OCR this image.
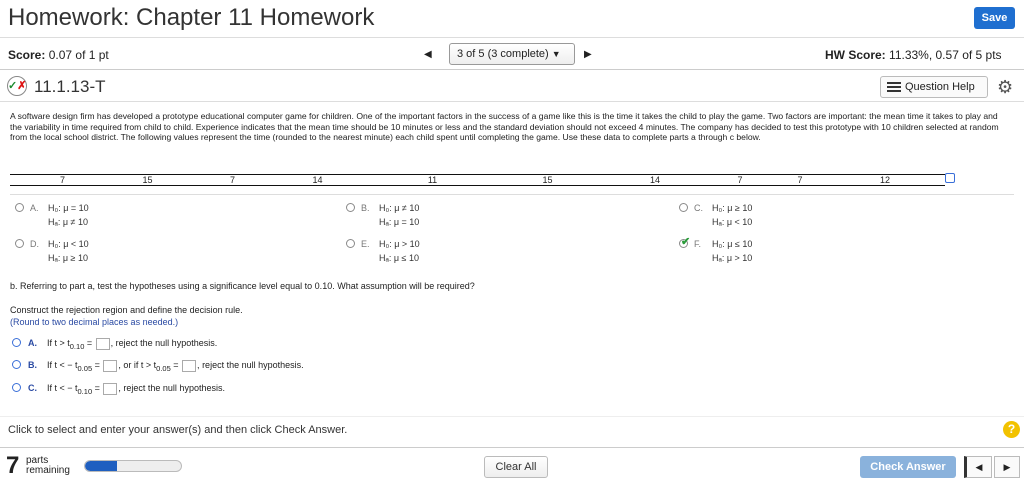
Homework: Chapter 11 Homework	Save
Score: 0.07 of 1 pt	◀	3 of 5 (3 complete) ▼	▶	HW Score: 11.33%, 0.57 of 5 pts
✓✗ 11.1.13-T	Question Help	⚙
A software design firm has developed a prototype educational computer game for children. One of the important factors in the success of a game like this is the time it takes the child to play the game. Two factors are important: the mean time it takes to play and the variability in time required from child to child. Experience indicates that the mean time should be 10 minutes or less and the standard deviation should not exceed 4 minutes. The company has decided to test this prototype with 10 children selected at random from the local school district. The following values represent the time (rounded to the nearest minute) each child spent until completing the game. Use these data to complete parts a through c below.
7	15	7	14	11	15	14	7	7	12
A. H₀: μ = 10
Hₐ: μ ≠ 10
B. H₀: μ ≠ 10
Hₐ: μ = 10
C. H₀: μ ≥ 10
Hₐ: μ < 10
D. H₀: μ < 10
Hₐ: μ ≥ 10
E. H₀: μ > 10
Hₐ: μ ≤ 10
✔ F. H₀: μ ≤ 10
Hₐ: μ > 10
b. Referring to part a, test the hypotheses using a significance level equal to 0.10. What assumption will be required?
Construct the rejection region and define the decision rule.
(Round to two decimal places as needed.)
A. If $t > t_{0.10}$ = , reject the null hypothesis.
B. If t < − $t_{0.05}$ = , or if $t > t_{0.05}$ = , reject the null hypothesis.
C. If t < − $t_{0.10}$ = , reject the null hypothesis.
Click to select and enter your answer(s) and then click Check Answer.	?
7 parts
remaining	Clear All	Check Answer	◀	▶
